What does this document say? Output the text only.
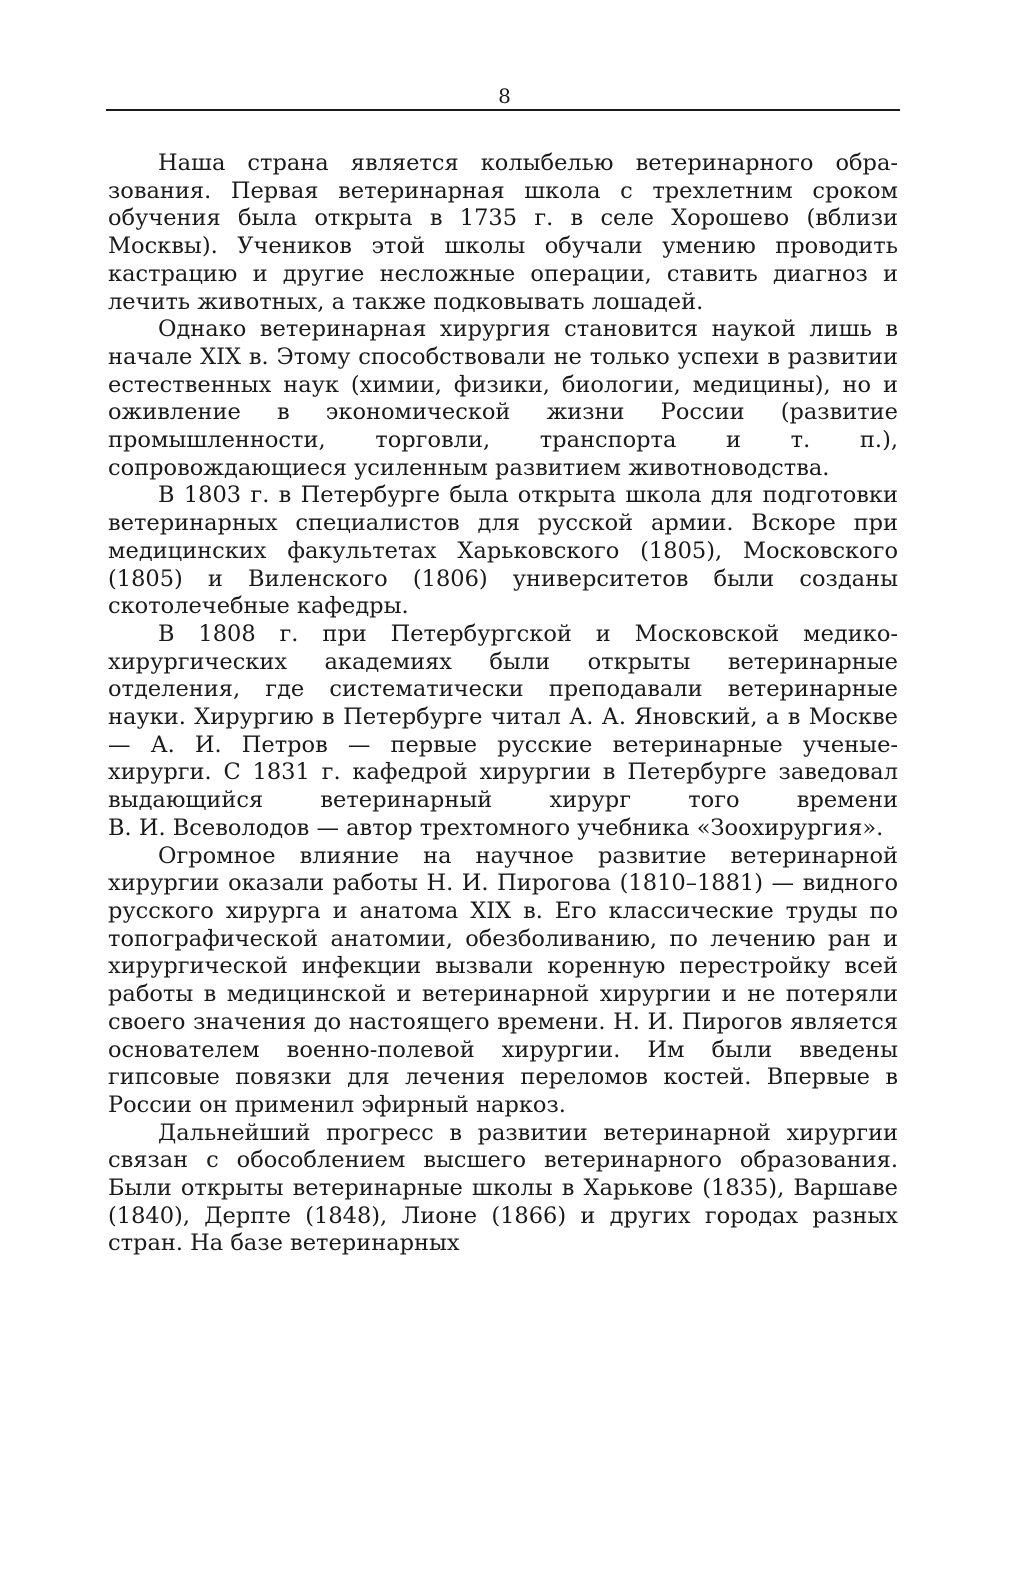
8

Наша страна является колыбелью ветеринарного образования. Первая ветеринарная школа с трехлетним сроком обучения была открыта в 1735 г. в селе Хорошево (вблизи Москвы). Учеников этой школы обучали умению проводить кастрацию и другие несложные операции, ставить диагноз и лечить животных, а также подковывать лошадей.

Однако ветеринарная хирургия становится наукой лишь в начале XIX в. Этому способствовали не только успехи в развитии естественных наук (химии, физики, биологии, медицины), но и оживление в экономической жизни России (развитие промышленности, торговли, транспорта и т. п.), сопровождающиеся усиленным развитием животноводства.

В 1803 г. в Петербурге была открыта школа для подготовки ветеринарных специалистов для русской армии. Вскоре при медицинских факультетах Харьковского (1805), Московского (1805) и Виленского (1806) университетов были созданы скотолечебные кафедры.

В 1808 г. при Петербургской и Московской медико-хирургических академиях были открыты ветеринарные отделения, где систематически преподавали ветеринарные науки. Хирургию в Петербурге читал А. А. Яновский, а в Москве — А. И. Петров — первые русские ветеринарные ученые-хирурги. С 1831 г. кафедрой хирургии в Петербурге заведовал выдающийся ветеринарный хирург того времени В. И. Всеволодов — автор трехтомного учебника «Зоохирургия».

Огромное влияние на научное развитие ветеринарной хирургии оказали работы Н. И. Пирогова (1810–1881) — видного русского хирурга и анатома XIX в. Его классические труды по топографической анатомии, обезболиванию, по лечению ран и хирургической инфекции вызвали коренную перестройку всей работы в медицинской и ветеринарной хирургии и не потеряли своего значения до настоящего времени. Н. И. Пирогов является основателем военно-полевой хирургии. Им были введены гипсовые повязки для лечения переломов костей. Впервые в России он применил эфирный наркоз.

Дальнейший прогресс в развитии ветеринарной хирургии связан с обособлением высшего ветеринарного образования. Были открыты ветеринарные школы в Харькове (1835), Варшаве (1840), Дерпте (1848), Лионе (1866) и других городах разных стран. На базе ветеринарных
